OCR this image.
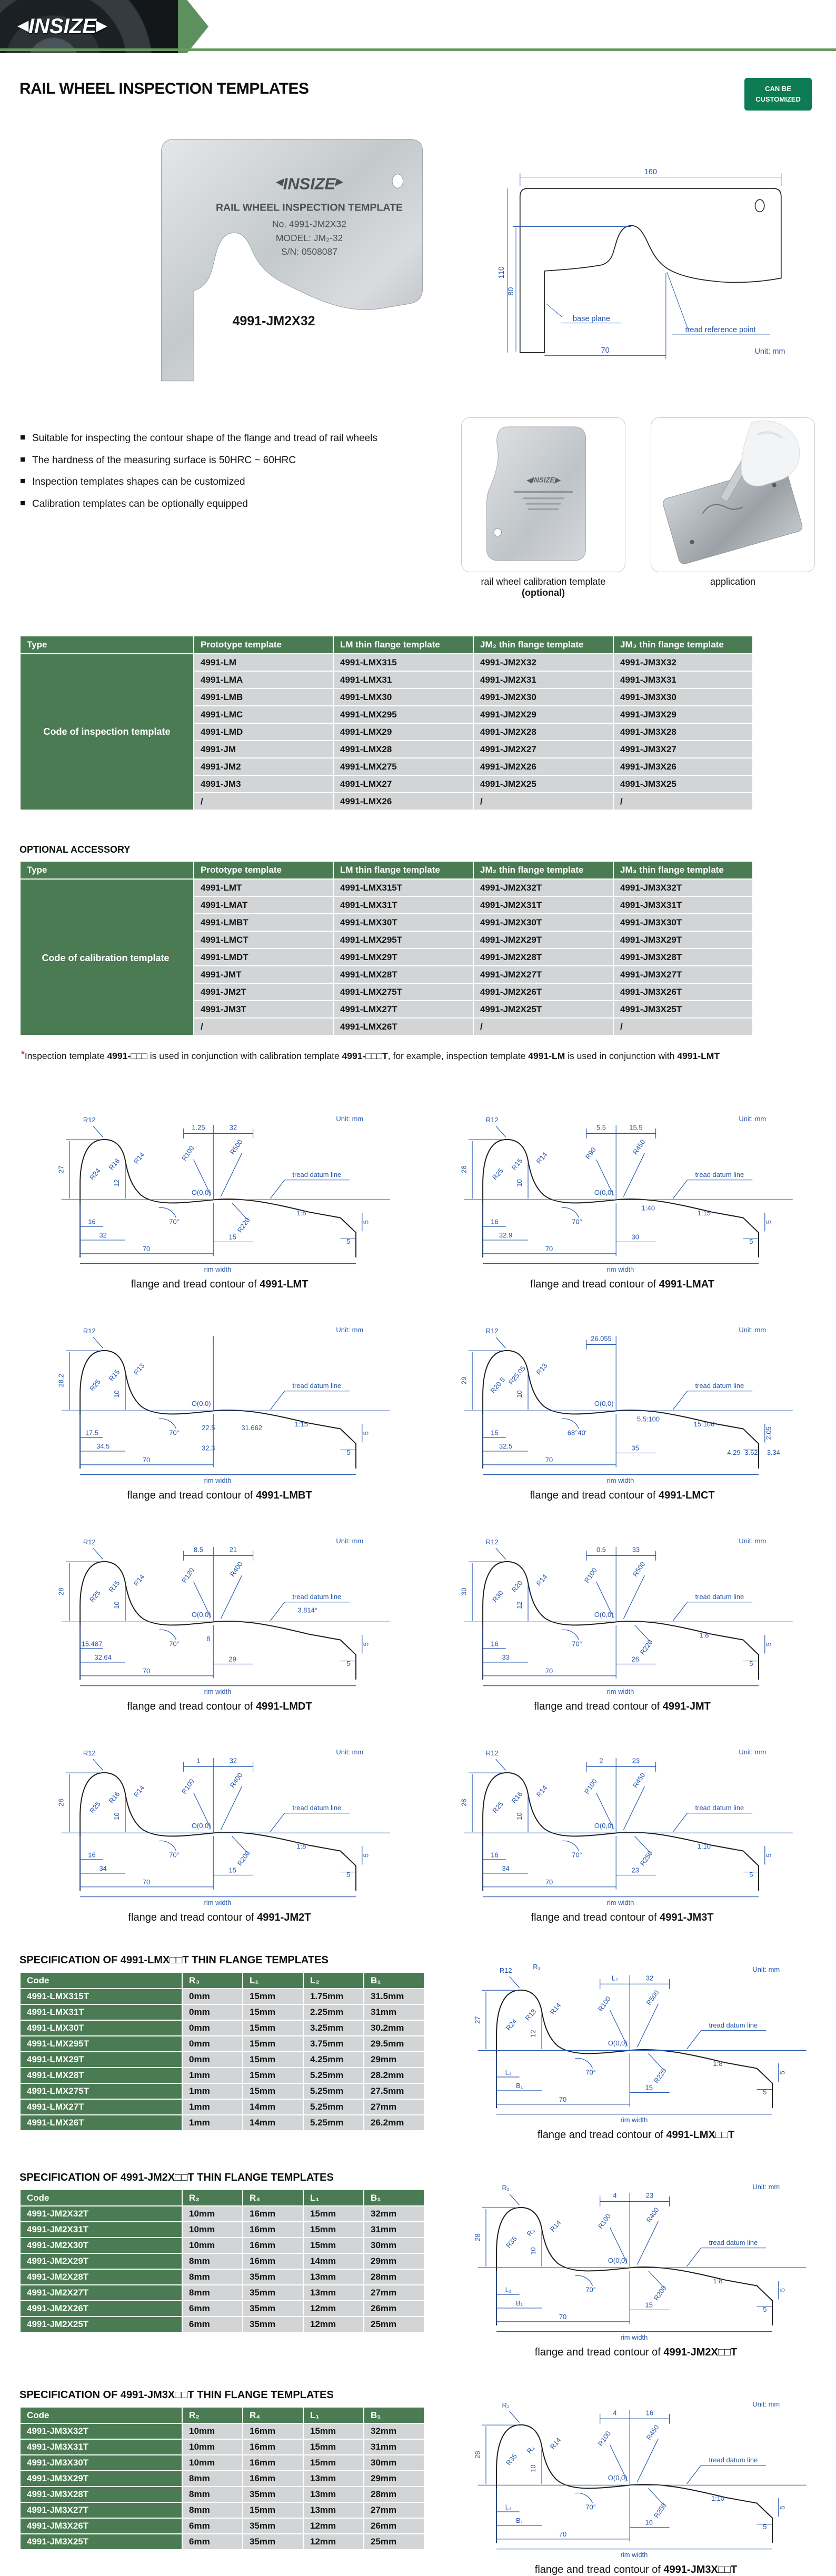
◀INSIZE▶
RAIL WHEEL INSPECTION TEMPLATES	CAN BE
CUSTOMIZED
INSIZE
◀	▶
RAIL WHEEL INSPECTION TEMPLATE
No. 4991-JM2X32
MODEL: JM₂-32
S/N: 0508087
4991-JM2X32
160
110
80
70
base plane
tread reference point
Unit: mm
Suitable for inspecting the contour shape of the flange and tread of rail wheels
The hardness of the measuring surface is 50HRC ~ 60HRC
Inspection templates shapes can be customized
Calibration templates can be optionally equipped
◀INSIZE▶
rail wheel calibration template
(optional)
application
Type	Prototype template	LM thin flange template	JM₂ thin flange template	JM₃ thin flange template
Code of inspection template	4991-LM	4991-LMX315	4991-JM2X32	4991-JM3X32
	4991-LMA	4991-LMX31	4991-JM2X31	4991-JM3X31
	4991-LMB	4991-LMX30	4991-JM2X30	4991-JM3X30
	4991-LMC	4991-LMX295	4991-JM2X29	4991-JM3X29
	4991-LMD	4991-LMX29	4991-JM2X28	4991-JM3X28
	4991-JM	4991-LMX28	4991-JM2X27	4991-JM3X27
	4991-JM2	4991-LMX275	4991-JM2X26	4991-JM3X26
	4991-JM3	4991-LMX27	4991-JM2X25	4991-JM3X25
	/	4991-LMX26	/	/
OPTIONAL ACCESSORY
Type	Prototype template	LM thin flange template	JM₂ thin flange template	JM₃ thin flange template
Code of calibration template*	4991-LMT	4991-LMX315T	4991-JM2X32T	4991-JM3X32T
	4991-LMAT	4991-LMX31T	4991-JM2X31T	4991-JM3X31T
	4991-LMBT	4991-LMX30T	4991-JM2X30T	4991-JM3X30T
	4991-LMCT	4991-LMX295T	4991-JM2X29T	4991-JM3X29T
	4991-LMDT	4991-LMX29T	4991-JM2X28T	4991-JM3X28T
	4991-JMT	4991-LMX28T	4991-JM2X27T	4991-JM3X27T
	4991-JM2T	4991-LMX275T	4991-JM2X26T	4991-JM3X26T
	4991-JM3T	4991-LMX27T	4991-JM2X25T	4991-JM3X25T
	/	4991-LMX26T	/	/

*Inspection template 4991-□□□ is used in conjunction with calibration template 4991-□□□T, for example, inspection template 4991-LM is used in conjunction with 4991-LMT

Unit: mm
27
R12
R24
R18 R14	R100	R500
R220
12
1.25	32
16
32
70
15
70°
1:8
5
5
O(0,0)
tread datum line
rim width
flange and tread contour of 4991-LMT
Unit: mm
28
R12
R25
R15 R14	R90	R450
10
5.5	15.5
16
32.9
70
30
1:40
1:15
70°	5
5
O(0,0)
tread datum line
rim width
flange and tread contour of 4991-LMAT
Unit: mm
28.2
R12
R25
R15 R13
10
17.5
34.5
70
22.5	31.662
32.3
1:15
70°	5
5
O(0,0)
tread datum line
rim width
flange and tread contour of 4991-LMBT
Unit: mm
29
R12
R20.5 R25.05 R13
10
26.055
15
32.5
70
35
5.5:100
15:100
68°40′	2.05
3.62
4.29	3.34
O(0,0)
tread datum line
rim width
flange and tread contour of 4991-LMCT
Unit: mm
28
R12
R25
R15 R14	R120	R400
10
8.5	21
15.487
32.64
70
8
29
70°
3.814°
5
5
O(0,0)
tread datum line
rim width
flange and tread contour of 4991-LMDT
Unit: mm
30
R12
R30
R20 R14	R100	R500
R220
12
0.5	33
16
33
70
26
70°
1:8
5
5
O(0,0)
tread datum line
rim width
flange and tread contour of 4991-JMT
Unit: mm
28
R12
R25
R16 R14	R100	R400
R200
10
1	32
16
34
70
15
70°
1:8
5
5
O(0,0)
tread datum line
rim width
flange and tread contour of 4991-JM2T
Unit: mm
28
R12
R25
R16 R14	R100	R450
R250
10
2	23
16
34
70
23
70°
1:10
5
5
O(0,0)
tread datum line
rim width
flange and tread contour of 4991-JM3T
SPECIFICATION OF 4991-LMX□□T THIN FLANGE TEMPLATES
Code	R₃	L₁	L₂	B₁
4991-LMX315T	0mm	15mm	1.75mm	31.5mm
4991-LMX31T	0mm	15mm	2.25mm	31mm
4991-LMX30T	0mm	15mm	3.25mm	30.2mm
4991-LMX295T	0mm	15mm	3.75mm	29.5mm
4991-LMX29T	0mm	15mm	4.25mm	29mm
4991-LMX28T	1mm	15mm	5.25mm	28.2mm
4991-LMX275T	1mm	15mm	5.25mm	27.5mm
4991-LMX27T	1mm	14mm	5.25mm	27mm
4991-LMX26T	1mm	14mm	5.25mm	26.2mm
Unit: mm
27
R12	R₃
R24
R18 R14	R100	R500
R220
12
L₂	32
L₁
B₁
70
15
70°
1:8
5
5
O(0,0)
tread datum line
rim width
flange and tread contour of 4991-LMX□□T
SPECIFICATION OF 4991-JM2X□□T THIN FLANGE TEMPLATES
Code	R₂	R₄	L₁	B₁
4991-JM2X32T	10mm	16mm	15mm	32mm
4991-JM2X31T	10mm	16mm	15mm	31mm
4991-JM2X30T	10mm	16mm	15mm	30mm
4991-JM2X29T	8mm	16mm	14mm	29mm
4991-JM2X28T	8mm	35mm	13mm	28mm
4991-JM2X27T	8mm	35mm	13mm	27mm
4991-JM2X26T	6mm	35mm	12mm	26mm
4991-JM2X25T	6mm	35mm	12mm	25mm
Unit: mm
28
R₂
R35
R₄ R14	R100	R400
R200
10
4	23
L₁
B₁
70
15
70°
1:8
5
5
O(0,0)
tread datum line
rim width
flange and tread contour of 4991-JM2X□□T
SPECIFICATION OF 4991-JM3X□□T THIN FLANGE TEMPLATES
Code	R₂	R₄	L₁	B₁
4991-JM3X32T	10mm	16mm	15mm	32mm
4991-JM3X31T	10mm	16mm	15mm	31mm
4991-JM3X30T	10mm	16mm	15mm	30mm
4991-JM3X29T	8mm	16mm	13mm	29mm
4991-JM3X28T	8mm	35mm	13mm	28mm
4991-JM3X27T	8mm	15mm	13mm	27mm
4991-JM3X26T	6mm	35mm	12mm	26mm
4991-JM3X25T	6mm	35mm	12mm	25mm
Unit: mm
28
R₂
R35
R₄ R14	R100	R450
R250
10
4	16
L₁
B₁
70
16
70°
1:10
5
5
O(0,0)
tread datum line
rim width
flange and tread contour of 4991-JM3X□□T
